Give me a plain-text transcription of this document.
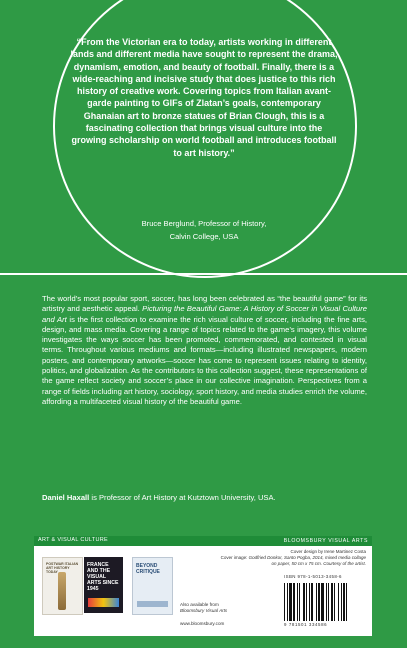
“From the Victorian era to today, artists working in different lands and different media have sought to represent the drama, dynamism, emotion, and beauty of football. Finally, there is a wide-reaching and incisive study that does justice to this rich history of creative work. Covering topics from Italian avant-garde painting to GIFs of Zlatan’s goals, contemporary Ghanaian art to bronze statues of Brian Clough, this is a fascinating collection that brings visual culture into the growing scholarship on world football and introduces football to art history.”

Bruce Berglund, Professor of History,
Calvin College, USA

The world’s most popular sport, soccer, has long been celebrated as “the beautiful game” for its artistry and aesthetic appeal. Picturing the Beautiful Game: A History of Soccer in Visual Culture and Art is the first collection to examine the rich visual culture of soccer, including the fine arts, design, and mass media. Covering a range of topics related to the game’s imagery, this volume investigates the ways soccer has been promoted, commemorated, and contested in visual terms. Throughout various mediums and formats—including illustrated newspapers, modern posters, and contemporary artworks—soccer has come to represent issues relating to identity, politics, and globalization. As the contributors to this collection suggest, these representations of the game reflect society and soccer’s place in our collective imagination. Perspectives from a range of fields including art history, sociology, sport history, and media studies enrich the volume, affording a multifaceted visual history of the beautiful game.

Daniel Haxall is Professor of Art History at Kutztown University, USA.

ART & VISUAL CULTURE	BLOOMSBURY VISUAL ARTS
POSTWAR ITALIAN ART HISTORY TODAY
FRANCE AND THE VISUAL ARTS SINCE 1945
BEYOND CRITIQUE
Also available from
Bloomsbury Visual Arts
www.bloomsbury.com
Cover design by Irene Martinez Costa
Cover image: Godfried Donkor, Santo Pogba, 2014, mixed media collage on paper, 50 cm x 75 cm. Courtesy of the artist.
ISBN 978-1-5013-3458-6
9 781501 334586
